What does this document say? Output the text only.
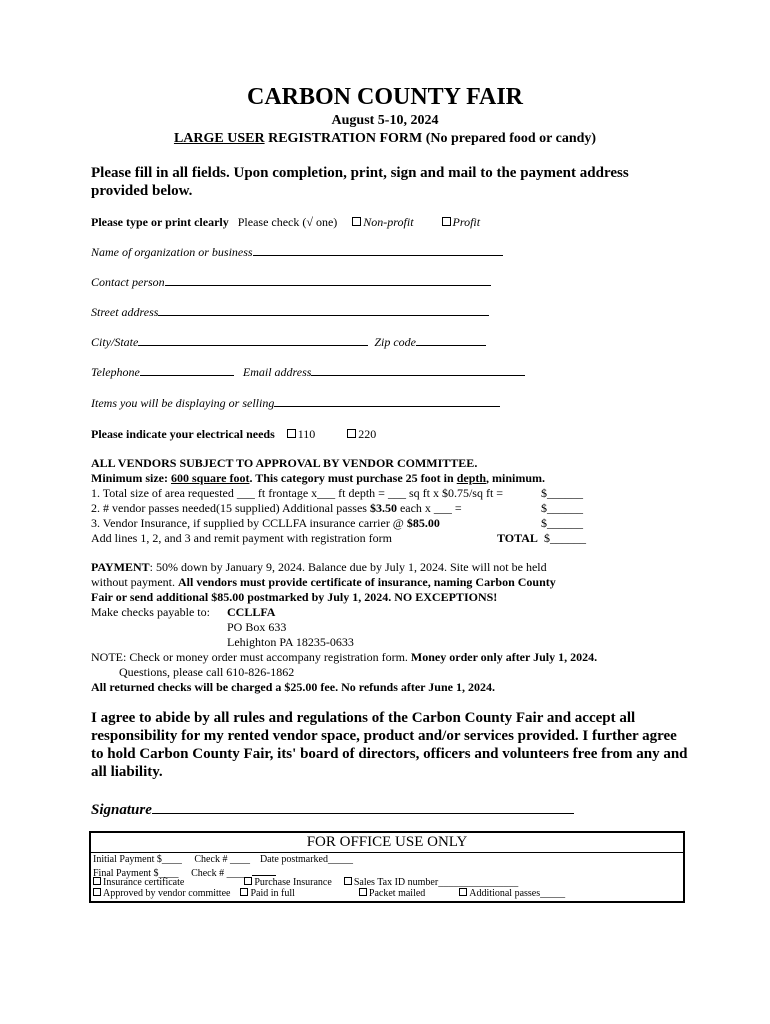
CARBON COUNTY FAIR
August 5-10, 2024
LARGE USER REGISTRATION FORM (No prepared food or candy)
Please fill in all fields. Upon completion, print, sign and mail to the payment address provided below.
Please type or print clearly Please check (√ one) Non-profit	Profit
Name of organization or business
Contact person
Street address
City/State	Zip code
Telephone	Email address
Items you will be displaying or selling
Please indicate your electrical needs 110	220
ALL VENDORS SUBJECT TO APPROVAL BY VENDOR COMMITTEE.
Minimum size: 600 square foot. This category must purchase 25 foot in depth, minimum.
1. Total size of area requested ___ ft frontage x___ ft depth = ___ sq ft x $0.75/sq ft =	$______
2. # vendor passes needed(15 supplied) Additional passes $3.50 each x ___ =	$______
3. Vendor Insurance, if supplied by CCLLFA insurance carrier @ $85.00	$______
Add lines 1, 2, and 3 and remit payment with registration form	TOTAL $______
PAYMENT: 50% down by January 9, 2024. Balance due by July 1, 2024. Site will not be held
without payment. All vendors must provide certificate of insurance, naming Carbon County
Fair or send additional $85.00 postmarked by July 1, 2024. NO EXCEPTIONS!
Make checks payable to: CCLLFA
PO Box 633
Lehighton PA 18235-0633
NOTE: Check or money order must accompany registration form. Money order only after July 1, 2024.
Questions, please call 610-826-1862
All returned checks will be charged a $25.00 fee. No refunds after June 1, 2024.
I agree to abide by all rules and regulations of the Carbon County Fair and accept all responsibility for my rented vendor space, product and/or services provided. I further agree to hold Carbon County Fair, its' board of directors, officers and volunteers free from any and all liability.
Signature
FOR OFFICE USE ONLY
Initial Payment $____ Check # ____ Date postmarked_____
Final Payment $____ Check # ____
Insurance certificate	Purchase Insurance Sales Tax ID number________________
Approved by vendor committee Paid in full	Packet mailed	Additional passes_____
